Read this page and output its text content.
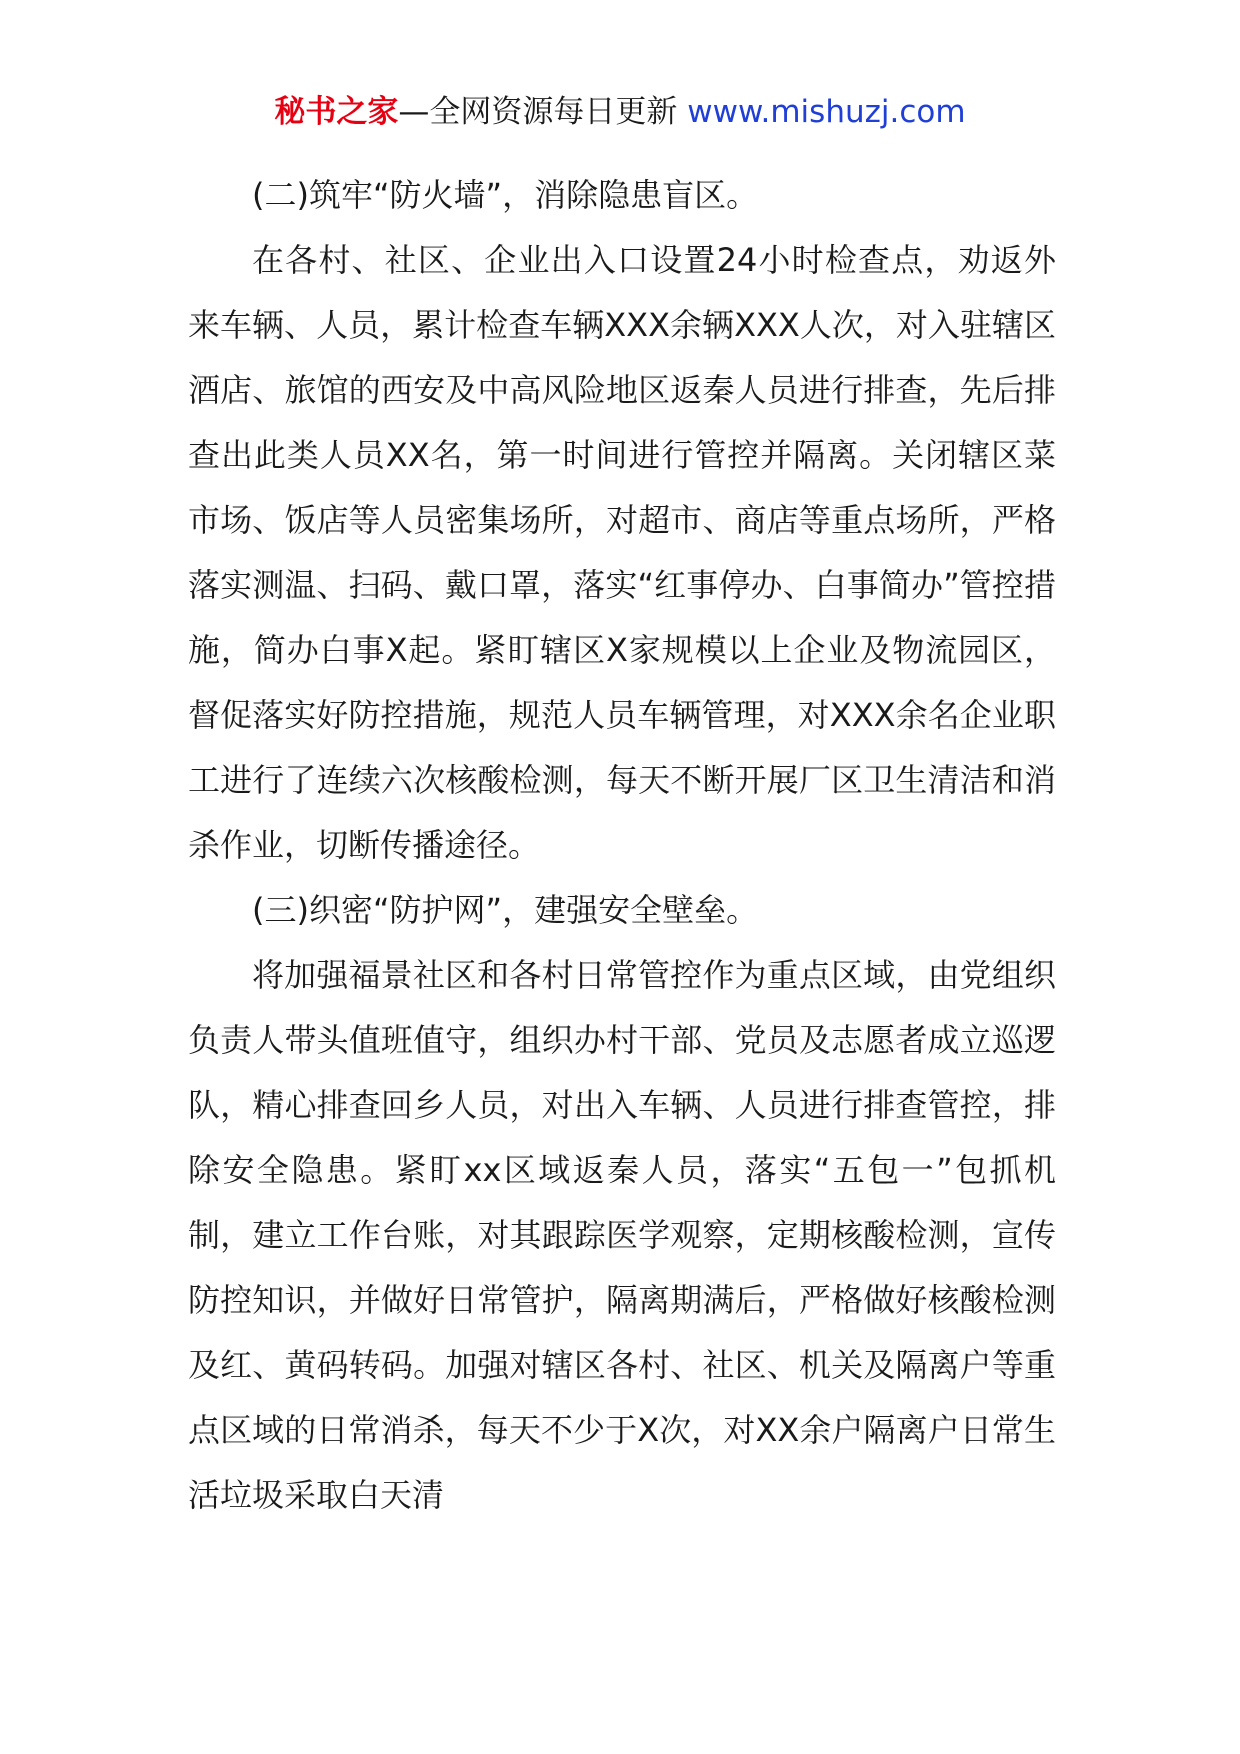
秘书之家—全网资源每日更新 www.mishuzj.com

(二)筑牢“防火墙”，消除隐患盲区。

在各村、社区、企业出入口设置24小时检查点，劝返外来车辆、人员，累计检查车辆XXX余辆XXX人次，对入驻辖区酒店、旅馆的西安及中高风险地区返秦人员进行排查，先后排查出此类人员XX名，第一时间进行管控并隔离。关闭辖区菜市场、饭店等人员密集场所，对超市、商店等重点场所，严格落实测温、扫码、戴口罩，落实“红事停办、白事简办”管控措施，简办白事X起。紧盯辖区X家规模以上企业及物流园区，督促落实好防控措施，规范人员车辆管理，对XXX余名企业职工进行了连续六次核酸检测，每天不断开展厂区卫生清洁和消杀作业，切断传播途径。

(三)织密“防护网”，建强安全壁垒。

将加强福景社区和各村日常管控作为重点区域，由党组织负责人带头值班值守，组织办村干部、党员及志愿者成立巡逻队，精心排查回乡人员，对出入车辆、人员进行排查管控，排除安全隐患。紧盯xx区域返秦人员，落实“五包一”包抓机制，建立工作台账，对其跟踪医学观察，定期核酸检测，宣传防控知识，并做好日常管护，隔离期满后，严格做好核酸检测及红、黄码转码。加强对辖区各村、社区、机关及隔离户等重点区域的日常消杀，每天不少于X次，对XX余户隔离户日常生活垃圾采取白天清
